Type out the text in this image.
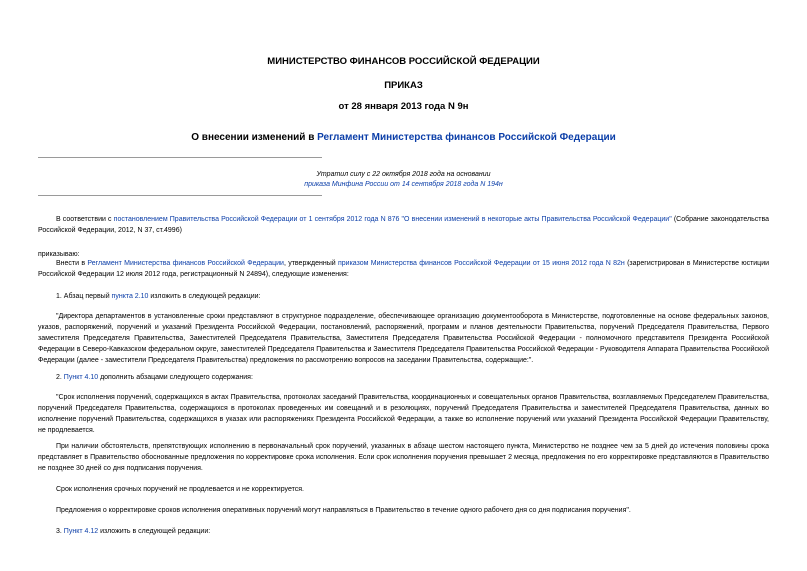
МИНИСТЕРСТВО ФИНАНСОВ РОССИЙСКОЙ ФЕДЕРАЦИИ
ПРИКАЗ
от 28 января 2013 года N 9н
О внесении изменений в Регламент Министерства финансов Российской Федерации
Утратил силу с 22 октября 2018 года на основании
приказа Минфина России от 14 сентября 2018 года N 194н
В соответствии с постановлением Правительства Российской Федерации от 1 сентября 2012 года N 876 "О внесении изменений в некоторые акты Правительства Российской Федерации" (Собрание законодательства Российской Федерации, 2012, N 37, ст.4996)
приказываю:
Внести в Регламент Министерства финансов Российской Федерации, утвержденный приказом Министерства финансов Российской Федерации от 15 июня 2012 года N 82н (зарегистрирован в Министерстве юстиции Российской Федерации 12 июля 2012 года, регистрационный N 24894), следующие изменения:
1. Абзац первый пункта 2.10 изложить в следующей редакции:
"Директора департаментов в установленные сроки представляют в структурное подразделение, обеспечивающее организацию документооборота в Министерстве, подготовленные на основе федеральных законов, указов, распоряжений, поручений и указаний Президента Российской Федерации, постановлений, распоряжений, программ и планов деятельности Правительства, поручений Председателя Правительства, Первого заместителя Председателя Правительства, Заместителей Председателя Правительства, Заместителя Председателя Правительства Российской Федерации - полномочного представителя Президента Российской Федерации в Северо-Кавказском федеральном округе, заместителей Председателя Правительства и Заместителя Председателя Правительства Российской Федерации - Руководителя Аппарата Правительства Российской Федерации (далее - заместители Председателя Правительства) предложения по рассмотрению вопросов на заседании Правительства, содержащие:".
2. Пункт 4.10 дополнить абзацами следующего содержания:
"Срок исполнения поручений, содержащихся в актах Правительства, протоколах заседаний Правительства, координационных и совещательных органов Правительства, возглавляемых Председателем Правительства, поручений Председателя Правительства, содержащихся в протоколах проведенных им совещаний и в резолюциях, поручений Председателя Правительства и заместителей Председателя Правительства, данных во исполнение поручений Правительства, содержащихся в указах или распоряжениях Президента Российской Федерации, а также во исполнение поручений или указаний Президента Российской Федерации Правительству, не продлевается.
При наличии обстоятельств, препятствующих исполнению в первоначальный срок поручений, указанных в абзаце шестом настоящего пункта, Министерство не позднее чем за 5 дней до истечения половины срока представляет в Правительство обоснованные предложения по корректировке срока исполнения. Если срок исполнения поручения превышает 2 месяца, предложения по его корректировке представляются в Правительство не позднее 30 дней со дня подписания поручения.
Срок исполнения срочных поручений не продлевается и не корректируется.
Предложения о корректировке сроков исполнения оперативных поручений могут направляться в Правительство в течение одного рабочего дня со дня подписания поручения".
3. Пункт 4.12 изложить в следующей редакции:
